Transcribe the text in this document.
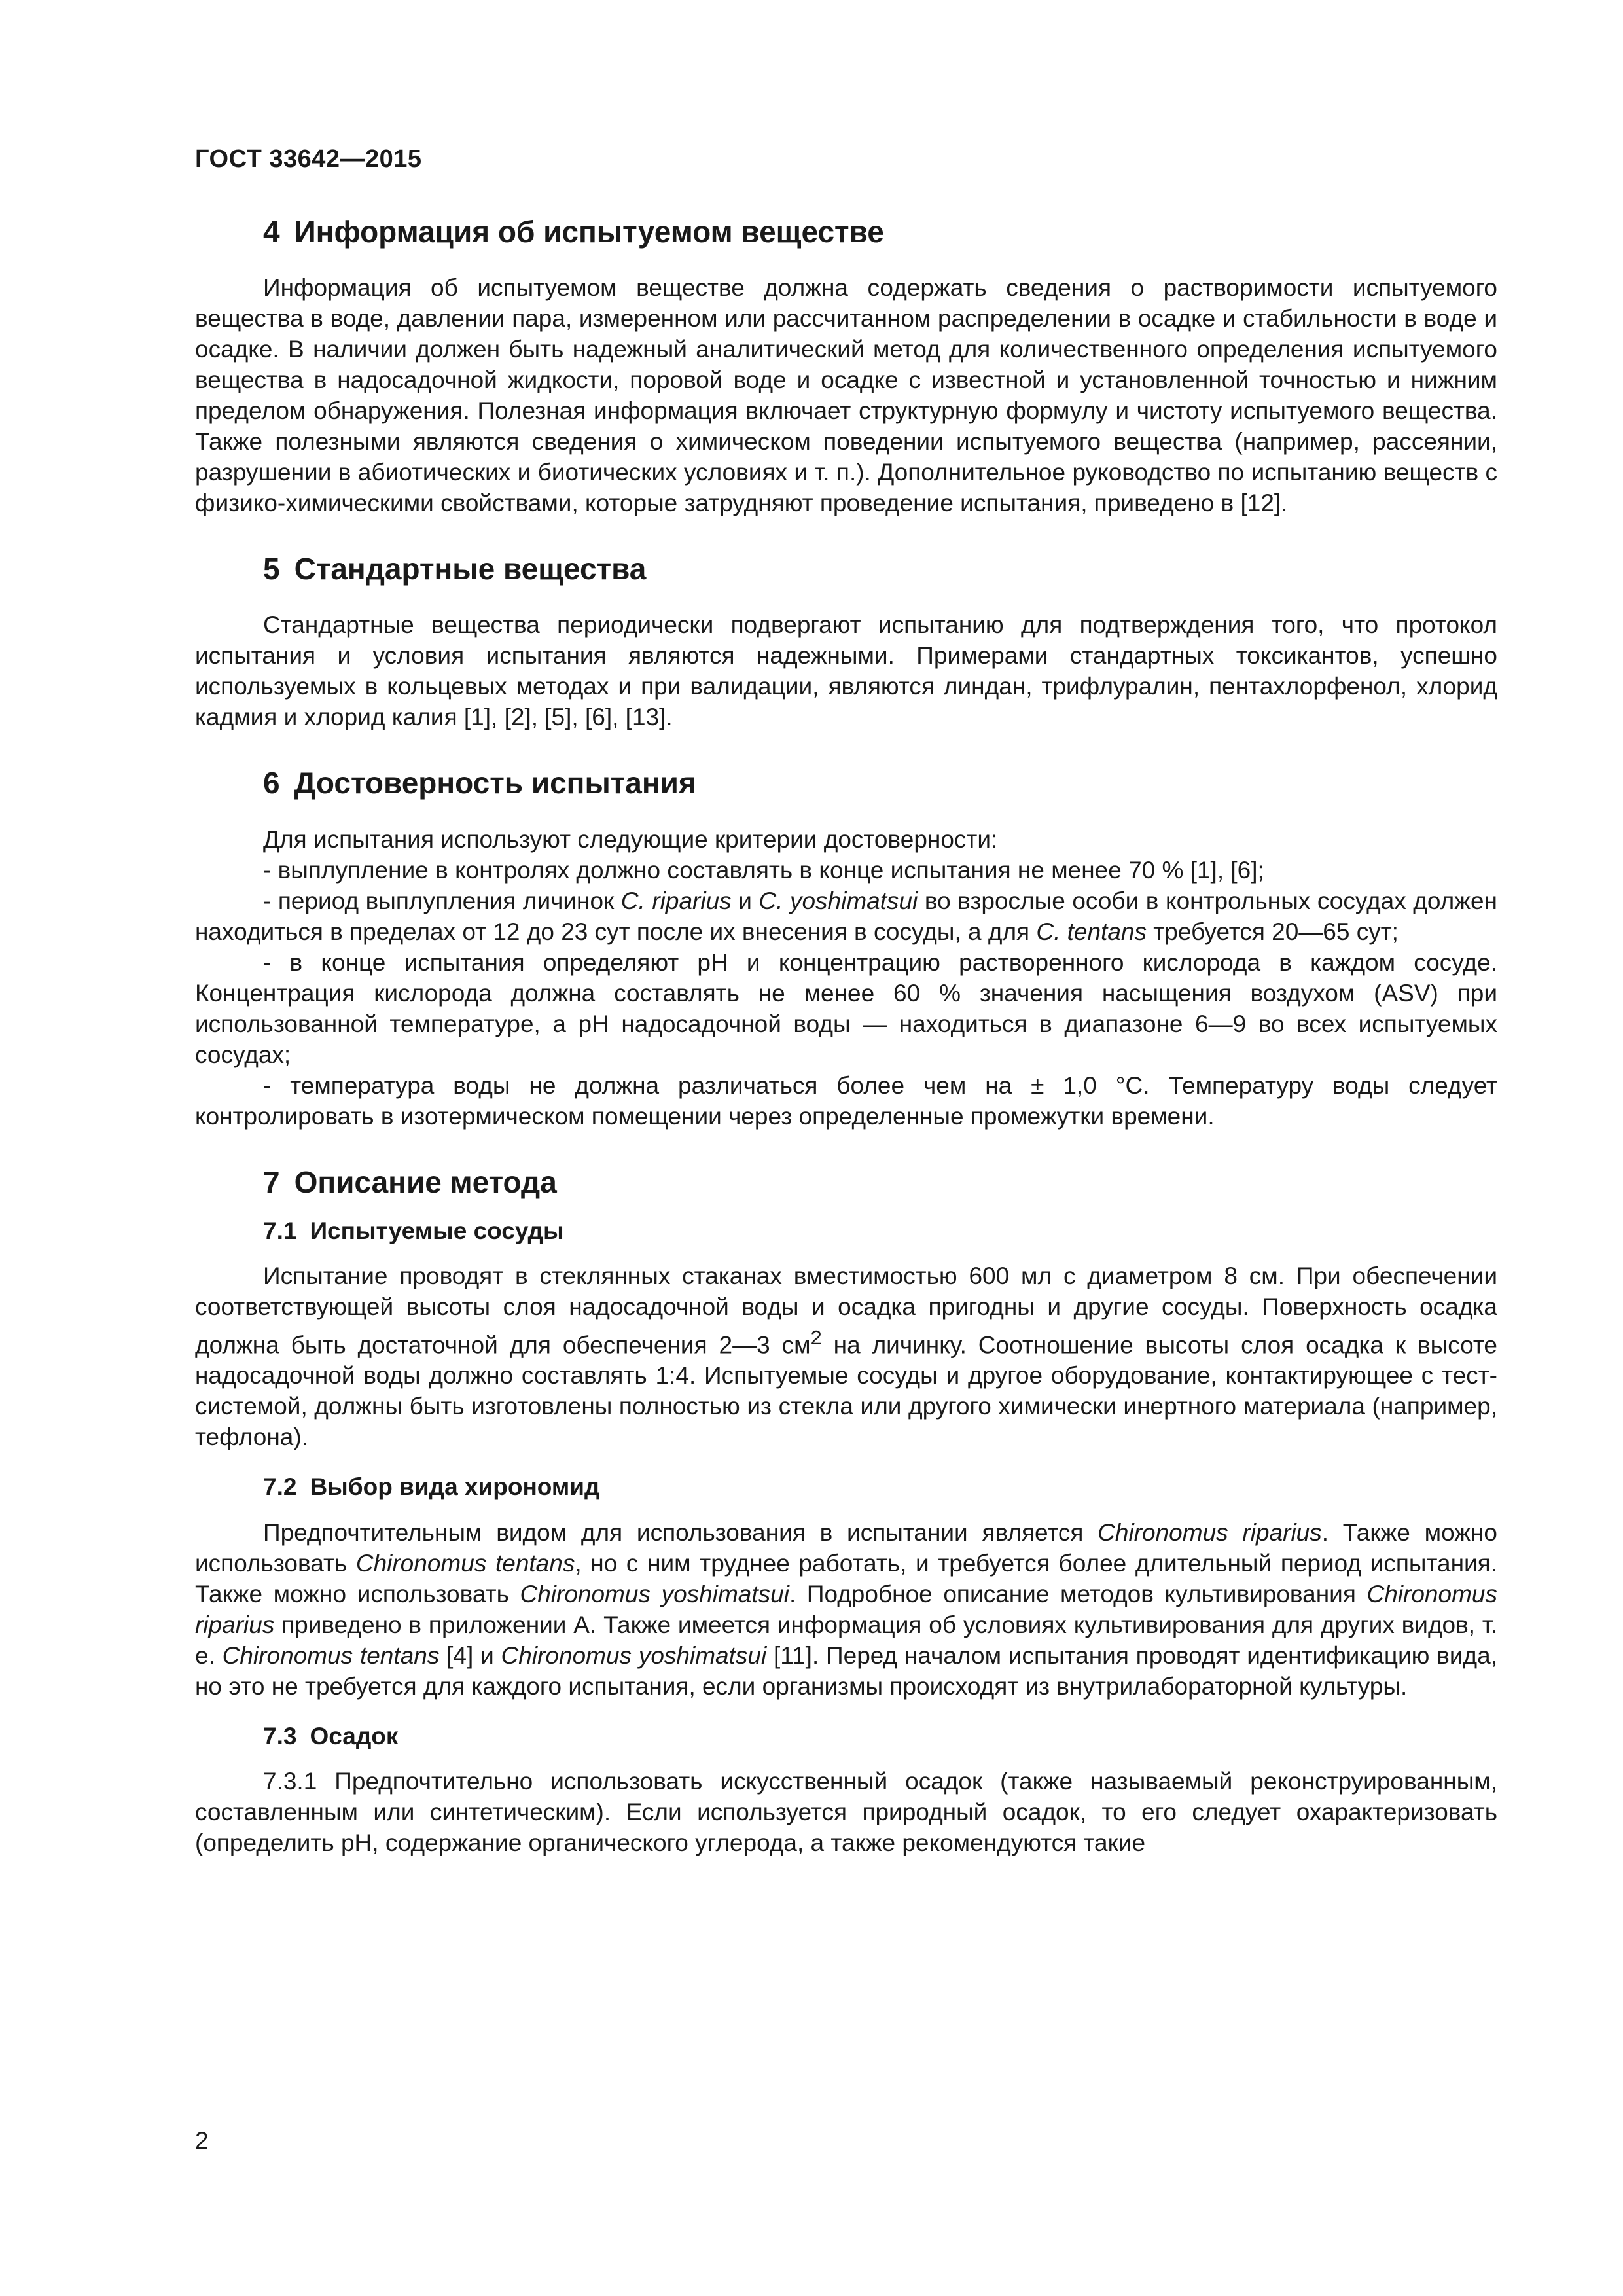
ГОСТ 33642—2015
4 Информация об испытуемом веществе

Информация об испытуемом веществе должна содержать сведения о растворимости испытуемого вещества в воде, давлении пара, измеренном или рассчитанном распределении в осадке и стабильности в воде и осадке. В наличии должен быть надежный аналитический метод для количественного определения испытуемого вещества в надосадочной жидкости, поровой воде и осадке с известной и установленной точностью и нижним пределом обнаружения. Полезная информация включает структурную формулу и чистоту испытуемого вещества. Также полезными являются сведения о химическом поведении испытуемого вещества (например, рассеянии, разрушении в абиотических и биотических условиях и т. п.). Дополнительное руководство по испытанию веществ с физико-химическими свойствами, которые затрудняют проведение испытания, приведено в [12].

5 Стандартные вещества

Стандартные вещества периодически подвергают испытанию для подтверждения того, что протокол испытания и условия испытания являются надежными. Примерами стандартных токсикантов, успешно используемых в кольцевых методах и при валидации, являются линдан, трифлуралин, пентахлорфенол, хлорид кадмия и хлорид калия [1], [2], [5], [6], [13].

6 Достоверность испытания

Для испытания используют следующие критерии достоверности:

- выплупление в контролях должно составлять в конце испытания не менее 70 % [1], [6];

- период выплупления личинок C. riparius и C. yoshimatsui во взрослые особи в контрольных сосудах должен находиться в пределах от 12 до 23 сут после их внесения в сосуды, а для C. tentans требуется 20—65 сут;

- в конце испытания определяют pH и концентрацию растворенного кислорода в каждом сосуде. Концентрация кислорода должна составлять не менее 60 % значения насыщения воздухом (ASV) при использованной температуре, а pH надосадочной воды — находиться в диапазоне 6—9 во всех испытуемых сосудах;

- температура воды не должна различаться более чем на ± 1,0 °С. Температуру воды следует контролировать в изотермическом помещении через определенные промежутки времени.

7 Описание метода
7.1 Испытуемые сосуды

Испытание проводят в стеклянных стаканах вместимостью 600 мл с диаметром 8 см. При обеспечении соответствующей высоты слоя надосадочной воды и осадка пригодны и другие сосуды. Поверхность осадка должна быть достаточной для обеспечения 2—3 $см^2$ на личинку. Соотношение высоты слоя осадка к высоте надосадочной воды должно составлять 1:4. Испытуемые сосуды и другое оборудование, контактирующее с тест-системой, должны быть изготовлены полностью из стекла или другого химически инертного материала (например, тефлона).

7.2 Выбор вида хирономид

Предпочтительным видом для использования в испытании является Chironomus riparius. Также можно использовать Chironomus tentans, но с ним труднее работать, и требуется более длительный период испытания. Также можно использовать Chironomus yoshimatsui. Подробное описание методов культивирования Chironomus riparius приведено в приложении А. Также имеется информация об условиях культивирования для других видов, т. е. Chironomus tentans [4] и Chironomus yoshimatsui [11]. Перед началом испытания проводят идентификацию вида, но это не требуется для каждого испытания, если организмы происходят из внутрилабораторной культуры.

7.3 Осадок

7.3.1 Предпочтительно использовать искусственный осадок (также называемый реконструированным, составленным или синтетическим). Если используется природный осадок, то его следует охарактеризовать (определить pH, содержание органического углерода, а также рекомендуются такие

2
